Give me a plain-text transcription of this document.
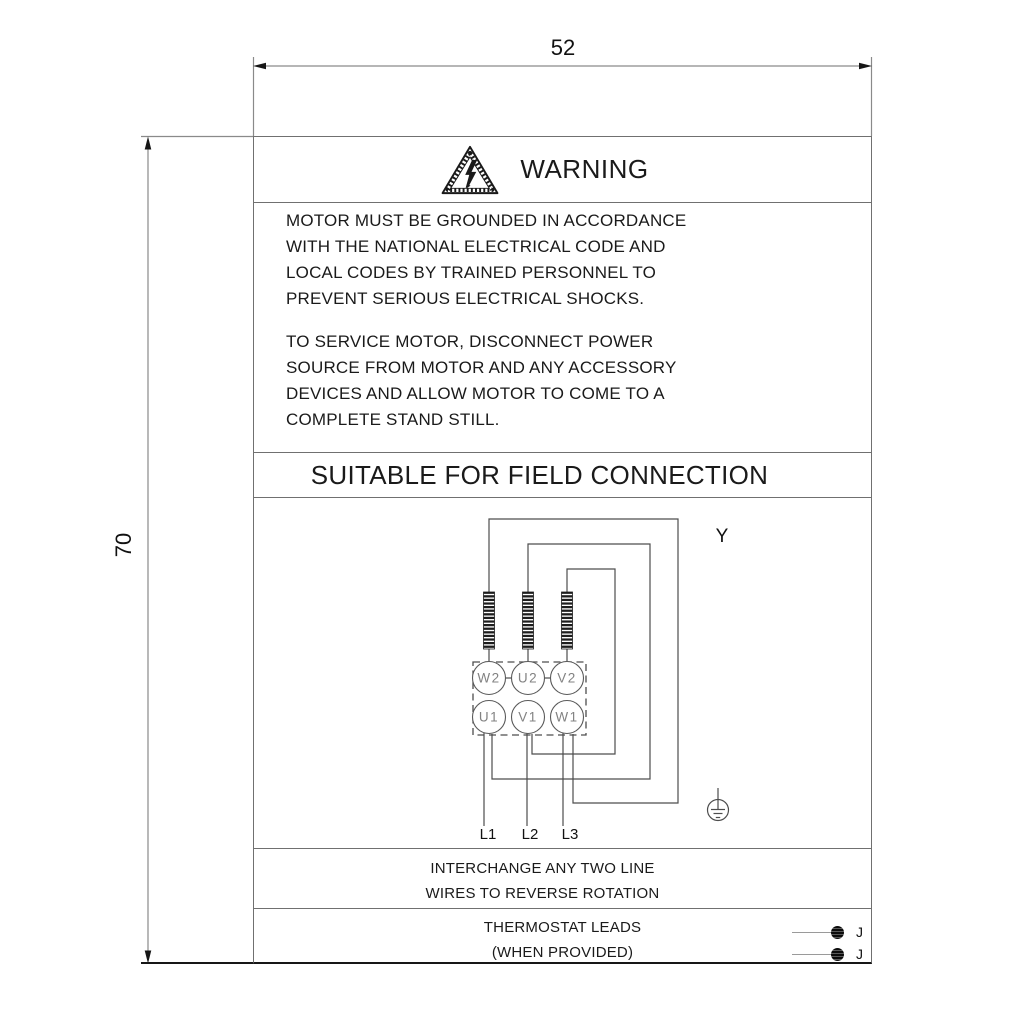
52
70
WARNING
MOTOR MUST BE GROUNDED IN ACCORDANCE
WITH THE NATIONAL ELECTRICAL CODE AND
LOCAL CODES BY TRAINED PERSONNEL TO
PREVENT SERIOUS ELECTRICAL SHOCKS.
TO SERVICE MOTOR, DISCONNECT POWER
SOURCE FROM MOTOR AND ANY ACCESSORY
DEVICES AND ALLOW MOTOR TO COME TO A
COMPLETE STAND STILL.
SUITABLE FOR FIELD CONNECTION
W2 U2 V2
U1 V1 W1
L1 L2 L3
Y
INTERCHANGE ANY TWO LINE
WIRES TO REVERSE ROTATION
THERMOSTAT LEADS
(WHEN PROVIDED)
J
J
